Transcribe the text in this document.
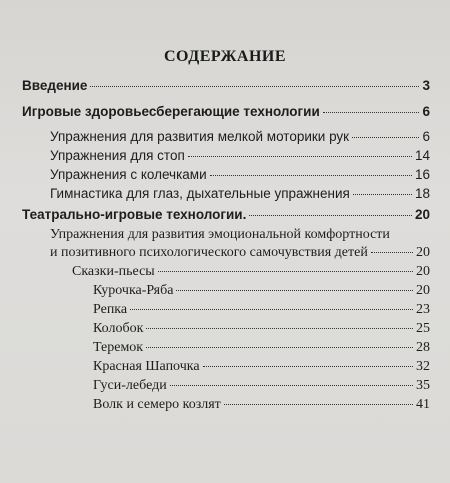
СОДЕРЖАНИЕ
Введение	3
Игровые здоровьесберегающие технологии	6
Упражнения для развития мелкой моторики рук	6
Упражнения для стоп	14
Упражнения с колечками	16
Гимнастика для глаз, дыхательные упражнения	18
Театрально-игровые технологии.	20
Упражнения для развития эмоциональной комфортности
и позитивного психологического самочувствия детей	20
Сказки-пьесы	20
Курочка-Ряба	20
Репка	23
Колобок	25
Теремок	28
Красная Шапочка	32
Гуси-лебеди	35
Волк и семеро козлят	41
